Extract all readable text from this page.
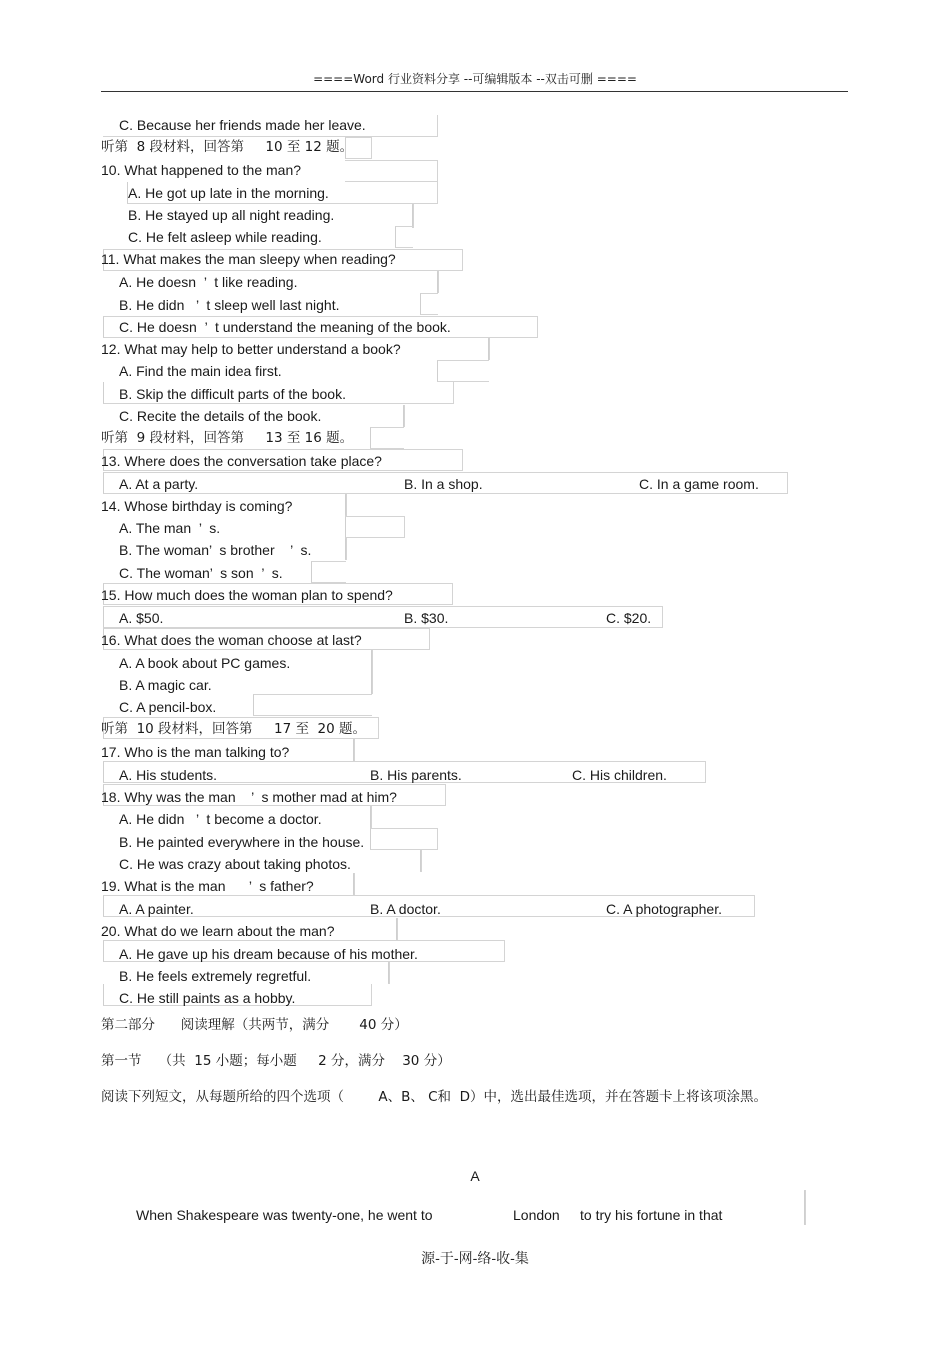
====Word 行业资料分享 --可编辑版本 --双击可删 ====
C. Because her friends made her leave.
听第  8 段材料，回答第     10 至 12 题。
10. What happened to the man?
A. He got up late in the morning.
B. He stayed up all night reading.
C. He felt asleep while reading.
11. What makes the man sleepy when reading?
A. He doesn  ’  t like reading.
B. He didn   ’  t sleep well last night.
C. He doesn  ’  t understand the meaning of the book.
12. What may help to better understand a book?
A. Find the main idea first.
B. Skip the difficult parts of the book.
C. Recite the details of the book.
听第  9 段材料，回答第     13 至 16 题。
13. Where does the conversation take place?
A. At a party.	B. In a shop.	C. In a game room.
14. Whose birthday is coming?
A. The man  ’  s.
B. The woman’  s brother    ’  s.
C. The woman’  s son  ’  s.
15. How much does the woman plan to spend?
A. $50.	B. $30.	C. $20.
16. What does the woman choose at last?
A. A book about PC games.
B. A magic car.
C. A pencil-box.
听第  10 段材料，回答第     17 至  20 题。
17. Who is the man talking to?
A. His students.	B. His parents.	C. His children.
18. Why was the man    ’  s mother mad at him?
A. He didn   ’  t become a doctor.
B. He painted everywhere in the house.
C. He was crazy about taking photos.
19. What is the man      ’  s father?
A. A painter.	B. A doctor.	C. A photographer.
20. What do we learn about the man?
A. He gave up his dream because of his mother.
B. He feels extremely regretful.
C. He still paints as a hobby.
第二部分      阅读理解（共两节，满分       40 分）
第一节    （共  15 小题；每小题     2 分，满分    30 分）
阅读下列短文，从每题所给的四个选项（        A、B、 C和  D）中，选出最佳选项，并在答题卡上将该项涂黑。
A
When Shakespeare was twenty-one, he went to	London to try his fortune in that
源-于-网-络-收-集
